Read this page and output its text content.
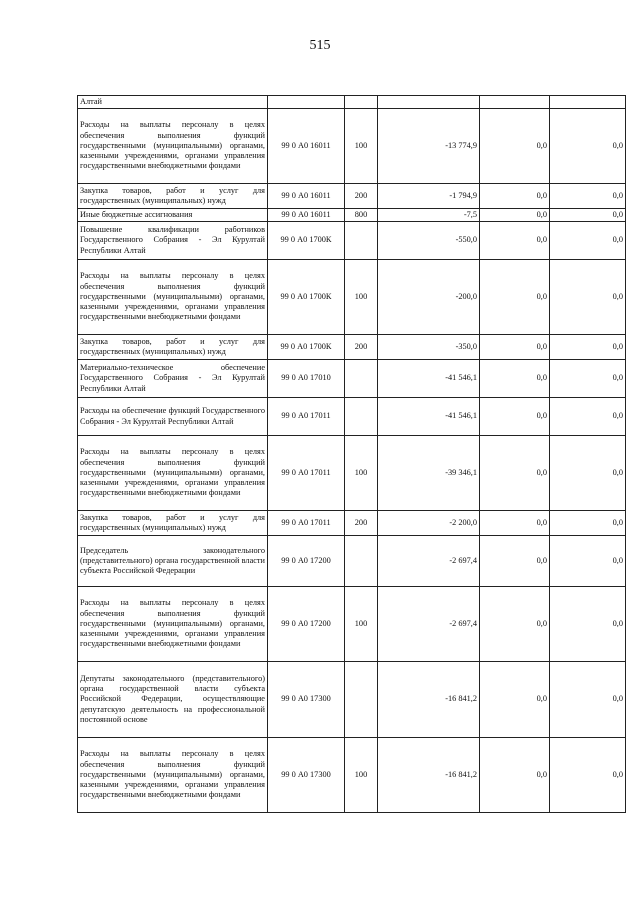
515
Алтай					
Расходы на выплаты персоналу в целях обеспечения выполнения функций государственными (муниципальными) органами, казенными учреждениями, органами управления государственными внебюджетными фондами	99 0 А0 16011	100	-13 774,9	0,0	0,0
Закупка товаров, работ и услуг для государственных (муниципальных) нужд	99 0 А0 16011	200	-1 794,9	0,0	0,0
Иные бюджетные ассигнования	99 0 А0 16011	800	-7,5	0,0	0,0
Повышение квалификации работников Государственного Собрания - Эл Курултай Республики Алтай	99 0 А0 1700К		-550,0	0,0	0,0
Расходы на выплаты персоналу в целях обеспечения выполнения функций государственными (муниципальными) органами, казенными учреждениями, органами управления государственными внебюджетными фондами	99 0 А0 1700К	100	-200,0	0,0	0,0
Закупка товаров, работ и услуг для государственных (муниципальных) нужд	99 0 А0 1700К	200	-350,0	0,0	0,0
Материально-техническое обеспечение Государственного Собрания - Эл Курултай Республики Алтай	99 0 А0 17010		-41 546,1	0,0	0,0
Расходы на обеспечение функций Государственного Собрания - Эл Курултай Республики Алтай	99 0 А0 17011		-41 546,1	0,0	0,0
Расходы на выплаты персоналу в целях обеспечения выполнения функций государственными (муниципальными) органами, казенными учреждениями, органами управления государственными внебюджетными фондами	99 0 А0 17011	100	-39 346,1	0,0	0,0
Закупка товаров, работ и услуг для государственных (муниципальных) нужд	99 0 А0 17011	200	-2 200,0	0,0	0,0
Председатель законодательного (представительного) органа государственной власти субъекта Российской Федерации	99 0 А0 17200		-2 697,4	0,0	0,0
Расходы на выплаты персоналу в целях обеспечения выполнения функций государственными (муниципальными) органами, казенными учреждениями, органами управления государственными внебюджетными фондами	99 0 А0 17200	100	-2 697,4	0,0	0,0
Депутаты законодательного (представительного) органа государственной власти субъекта Российской Федерации, осуществляющие депутатскую деятельность на профессиональной постоянной основе	99 0 А0 17300		-16 841,2	0,0	0,0
Расходы на выплаты персоналу в целях обеспечения выполнения функций государственными (муниципальными) органами, казенными учреждениями, органами управления государственными внебюджетными фондами	99 0 А0 17300	100	-16 841,2	0,0	0,0
